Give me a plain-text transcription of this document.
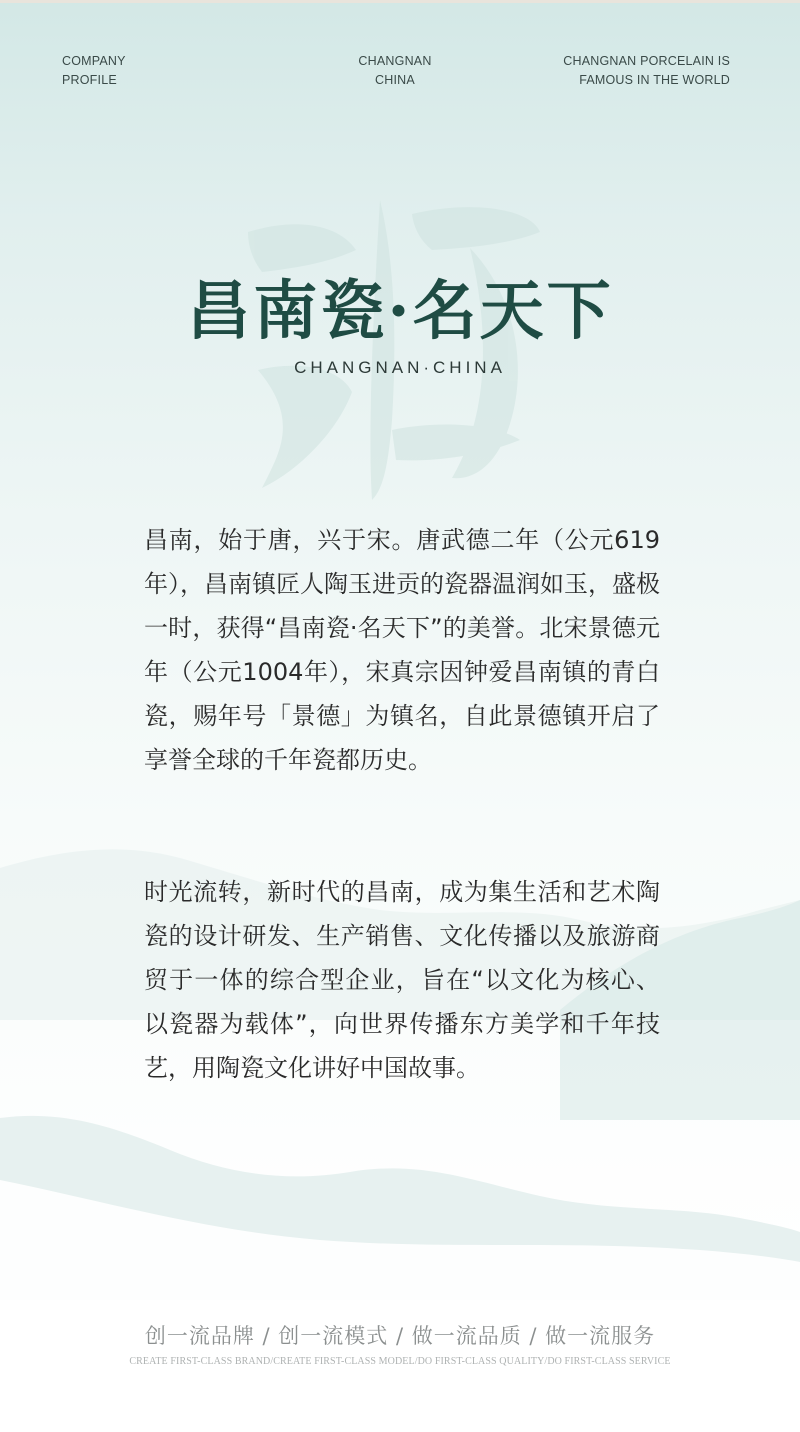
COMPANY
PROFILE
CHANGNAN
CHINA
CHANGNAN PORCELAIN IS
FAMOUS IN THE WORLD
昌南瓷·名天下
CHANGNAN·CHINA

昌南，始于唐，兴于宋。唐武德二年（公元619年），昌南镇匠人陶玉进贡的瓷器温润如玉，盛极一时，获得“昌南瓷·名天下”的美誉。北宋景德元年（公元1004年），宋真宗因钟爱昌南镇的青白瓷，赐年号「景德」为镇名，自此景德镇开启了享誉全球的千年瓷都历史。

时光流转，新时代的昌南，成为集生活和艺术陶瓷的设计研发、生产销售、文化传播以及旅游商贸于一体的综合型企业，旨在“以文化为核心、以瓷器为载体”，向世界传播东方美学和千年技艺，用陶瓷文化讲好中国故事。

创一流品牌 / 创一流模式 / 做一流品质 / 做一流服务
CREATE FIRST-CLASS BRAND/CREATE FIRST-CLASS MODEL/DO FIRST-CLASS QUALITY/DO FIRST-CLASS SERVICE
